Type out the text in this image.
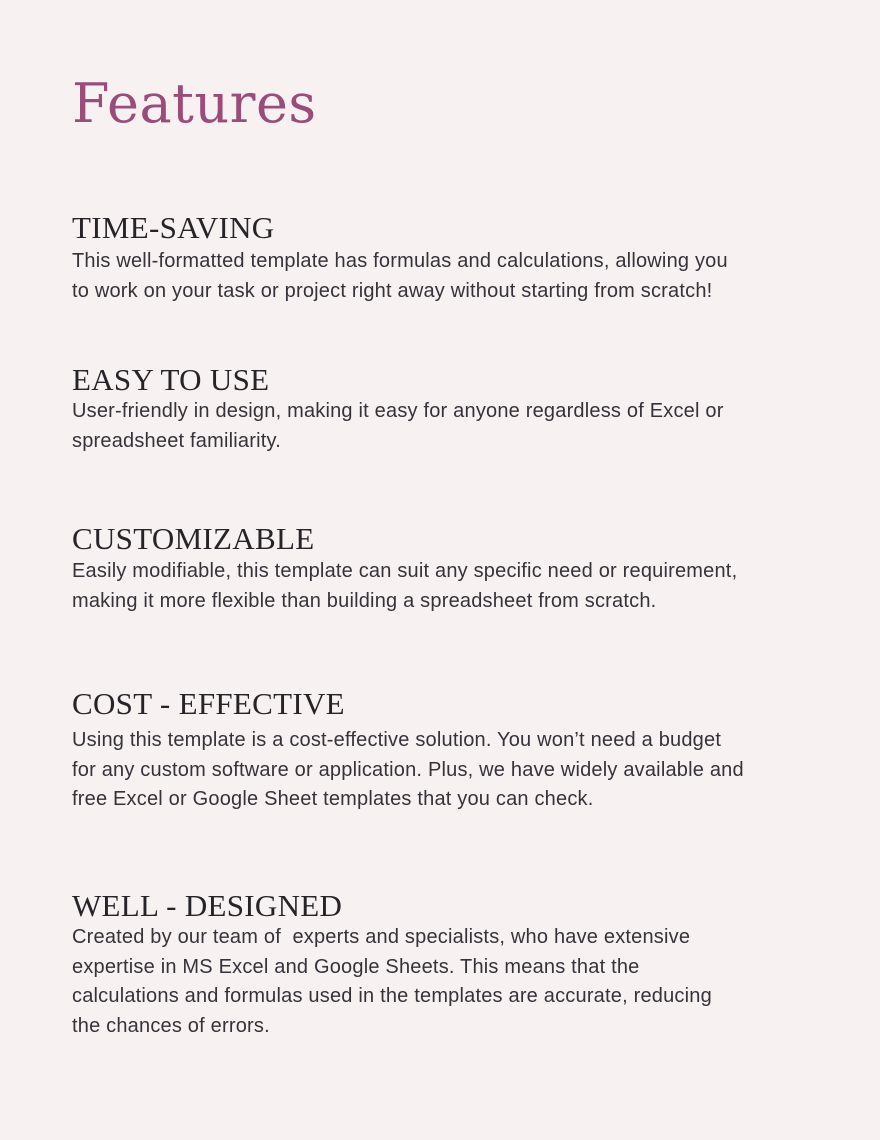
Features
TIME-SAVING

This well-formatted template has formulas and calculations, allowing you
to work on your task or project right away without starting from scratch!

EASY TO USE

User-friendly in design, making it easy for anyone regardless of Excel or
spreadsheet familiarity.

CUSTOMIZABLE

Easily modifiable, this template can suit any specific need or requirement,
making it more flexible than building a spreadsheet from scratch.

COST - EFFECTIVE

Using this template is a cost-effective solution. You won’t need a budget
for any custom software or application. Plus, we have widely available and
free Excel or Google Sheet templates that you can check.

WELL - DESIGNED

Created by our team of  experts and specialists, who have extensive
expertise in MS Excel and Google Sheets. This means that the
calculations and formulas used in the templates are accurate, reducing
the chances of errors.
